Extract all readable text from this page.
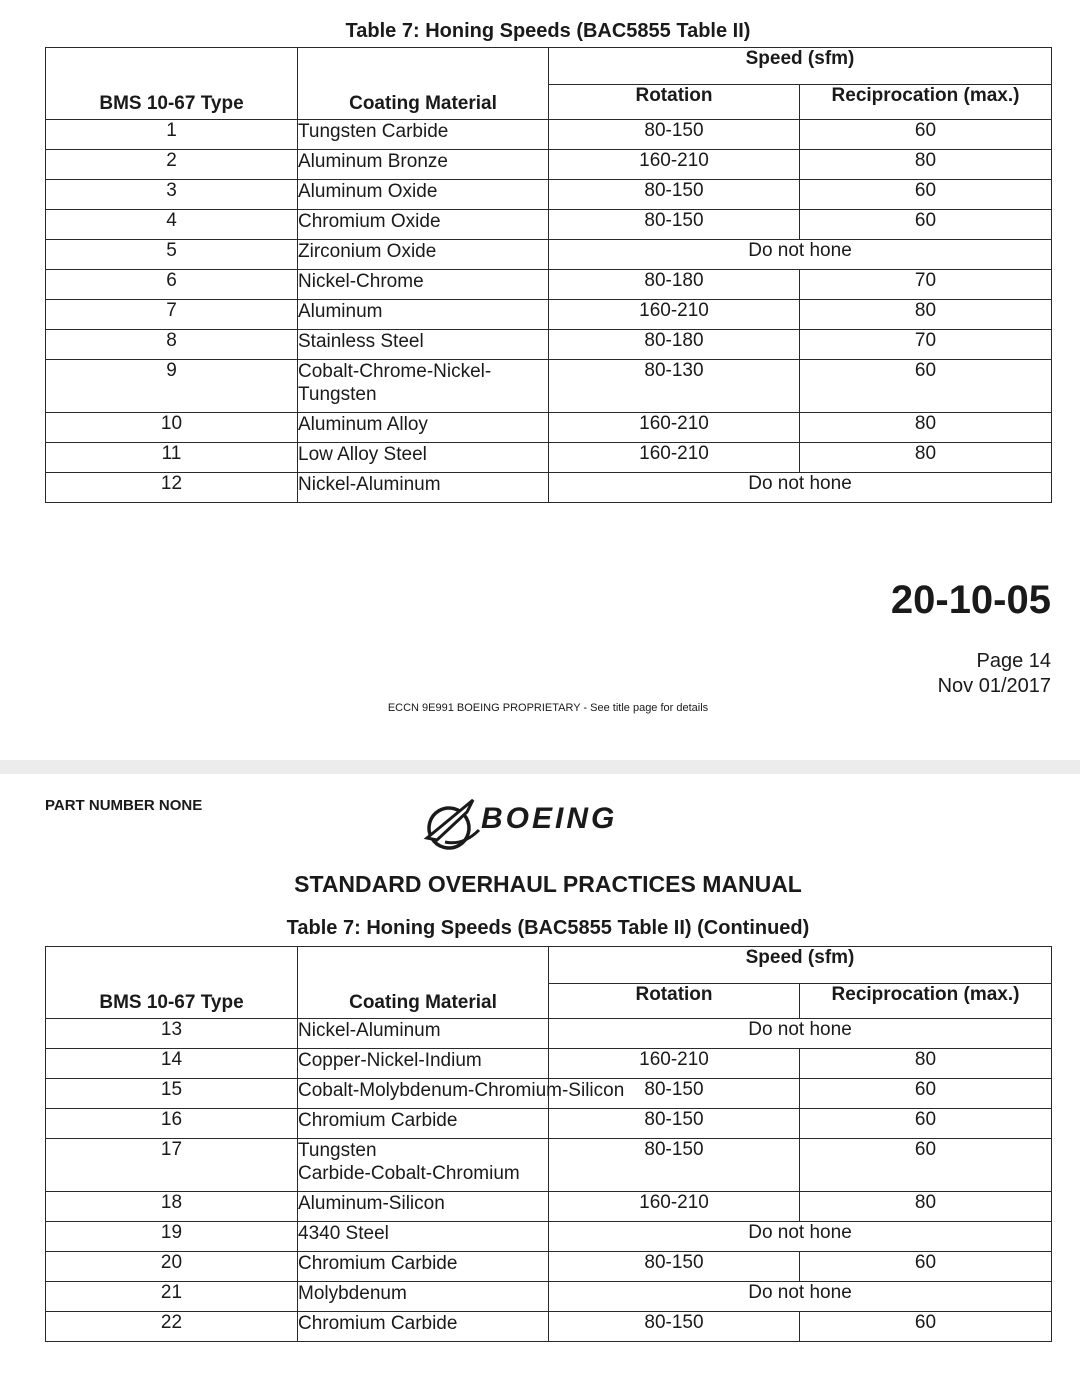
Table 7: Honing Speeds (BAC5855 Table II)
BMS 10-67 Type	Coating Material	Speed (sfm)	
		Rotation	Reciprocation (max.)
1	Tungsten Carbide	80-150	60
2	Aluminum Bronze	160-210	80
3	Aluminum Oxide	80-150	60
4	Chromium Oxide	80-150	60
5	Zirconium Oxide	Do not hone	
6	Nickel-Chrome	80-180	70
7	Aluminum	160-210	80
8	Stainless Steel	80-180	70
9	Cobalt-Chrome-Nickel-
Tungsten	80-130	60
10	Aluminum Alloy	160-210	80
11	Low Alloy Steel	160-210	80
12	Nickel-Aluminum	Do not hone	
20-10-05
Page 14
Nov 01/2017
ECCN 9E991 BOEING PROPRIETARY - See title page for details
PART NUMBER NONE	BOEING
STANDARD OVERHAUL PRACTICES MANUAL
Table 7: Honing Speeds (BAC5855 Table II) (Continued)
BMS 10-67 Type	Coating Material	Speed (sfm)	
		Rotation	Reciprocation (max.)
13	Nickel-Aluminum	Do not hone	
14	Copper-Nickel-Indium	160-210	80
15	Cobalt-Molybdenum-Chromium-Silicon	80-150	60
16	Chromium Carbide	80-150	60
17	Tungsten
Carbide-Cobalt-Chromium	80-150	60
18	Aluminum-Silicon	160-210	80
19	4340 Steel	Do not hone	
20	Chromium Carbide	80-150	60
21	Molybdenum	Do not hone	
22	Chromium Carbide	80-150	60
